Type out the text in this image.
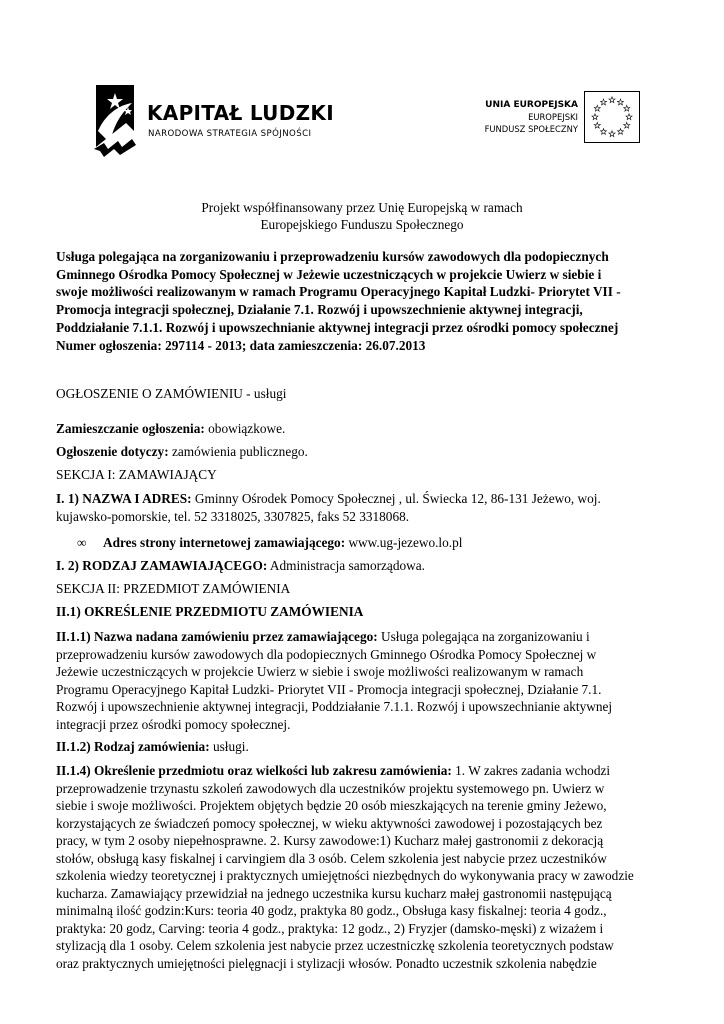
KAPITAŁ LUDZKI
NARODOWA STRATEGIA SPÓJNOŚCI
UNIA EUROPEJSKA
EUROPEJSKI
FUNDUSZ SPOŁECZNY
Projekt współfinansowany przez Unię Europejską w ramach
Europejskiego Funduszu Społecznego
Usługa polegająca na zorganizowaniu i przeprowadzeniu kursów zawodowych dla podopiecznych
Gminnego Ośrodka Pomocy Społecznej w Jeżewie uczestniczących w projekcie Uwierz w siebie i
swoje możliwości realizowanym w ramach Programu Operacyjnego Kapitał Ludzki- Priorytet VII -
Promocja integracji społecznej, Działanie 7.1. Rozwój i upowszechnienie aktywnej integracji,
Poddziałanie 7.1.1. Rozwój i upowszechnianie aktywnej integracji przez ośrodki pomocy społecznej
Numer ogłoszenia: 297114 - 2013; data zamieszczenia: 26.07.2013
OGŁOSZENIE O ZAMÓWIENIU - usługi
Zamieszczanie ogłoszenia: obowiązkowe.
Ogłoszenie dotyczy: zamówienia publicznego.
SEKCJA I: ZAMAWIAJĄCY
I. 1) NAZWA I ADRES: Gminny Ośrodek Pomocy Społecznej , ul. Świecka 12, 86-131 Jeżewo, woj.
kujawsko-pomorskie, tel. 52 3318025, 3307825, faks 52 3318068.
∞ Adres strony internetowej zamawiającego: www.ug-jezewo.lo.pl
I. 2) RODZAJ ZAMAWIAJĄCEGO: Administracja samorządowa.
SEKCJA II: PRZEDMIOT ZAMÓWIENIA
II.1) OKREŚLENIE PRZEDMIOTU ZAMÓWIENIA
II.1.1) Nazwa nadana zamówieniu przez zamawiającego: Usługa polegająca na zorganizowaniu i
przeprowadzeniu kursów zawodowych dla podopiecznych Gminnego Ośrodka Pomocy Społecznej w
Jeżewie uczestniczących w projekcie Uwierz w siebie i swoje możliwości realizowanym w ramach
Programu Operacyjnego Kapitał Ludzki- Priorytet VII - Promocja integracji społecznej, Działanie 7.1.
Rozwój i upowszechnienie aktywnej integracji, Poddziałanie 7.1.1. Rozwój i upowszechnianie aktywnej
integracji przez ośrodki pomocy społecznej.
II.1.2) Rodzaj zamówienia: usługi.
II.1.4) Określenie przedmiotu oraz wielkości lub zakresu zamówienia: 1. W zakres zadania wchodzi
przeprowadzenie trzynastu szkoleń zawodowych dla uczestników projektu systemowego pn. Uwierz w
siebie i swoje możliwości. Projektem objętych będzie 20 osób mieszkających na terenie gminy Jeżewo,
korzystających ze świadczeń pomocy społecznej, w wieku aktywności zawodowej i pozostających bez
pracy, w tym 2 osoby niepełnosprawne. 2. Kursy zawodowe:1) Kucharz małej gastronomii z dekoracją
stołów, obsługą kasy fiskalnej i carvingiem dla 3 osób. Celem szkolenia jest nabycie przez uczestników
szkolenia wiedzy teoretycznej i praktycznych umiejętności niezbędnych do wykonywania pracy w zawodzie
kucharza. Zamawiający przewidział na jednego uczestnika kursu kucharz małej gastronomii następującą
minimalną ilość godzin:Kurs: teoria 40 godz, praktyka 80 godz., Obsługa kasy fiskalnej: teoria 4 godz.,
praktyka: 20 godz, Carving: teoria 4 godz., praktyka: 12 godz., 2) Fryzjer (damsko-męski) z wizażem i
stylizacją dla 1 osoby. Celem szkolenia jest nabycie przez uczestniczkę szkolenia teoretycznych podstaw
oraz praktycznych umiejętności pielęgnacji i stylizacji włosów. Ponadto uczestnik szkolenia nabędzie
